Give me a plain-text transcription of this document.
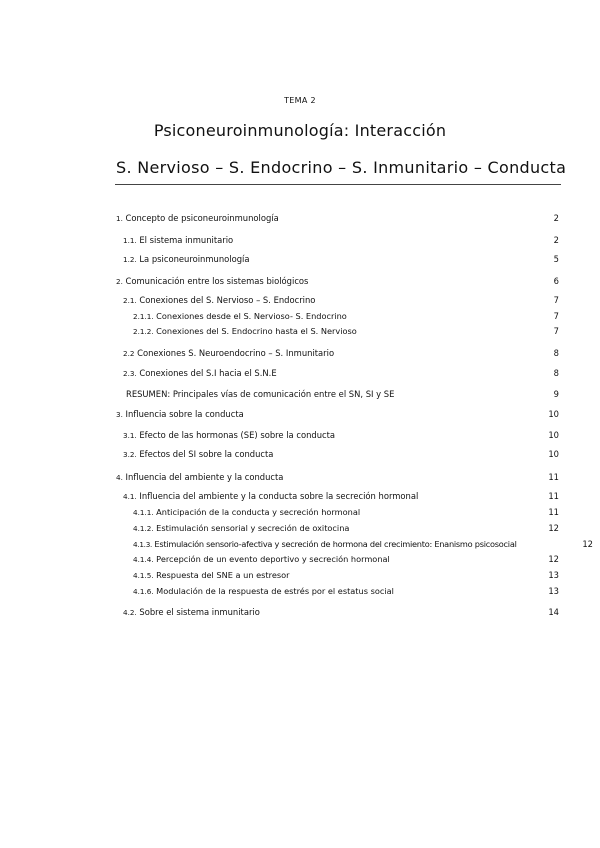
TEMA 2
Psiconeuroinmunología: Interacción
S. Nervioso – S. Endocrino – S. Inmunitario – Conducta
1. Concepto de psiconeuroinmunología	2
1.1. El sistema inmunitario	2
1.2. La psiconeuroinmunología	5
2. Comunicación entre los sistemas biológicos	6
2.1. Conexiones del S. Nervioso – S. Endocrino	7
2.1.1. Conexiones desde el S. Nervioso- S. Endocrino	7
2.1.2. Conexiones del S. Endocrino hasta el S. Nervioso	7
2.2 Conexiones S. Neuroendocrino – S. Inmunitario	8
2.3. Conexiones del S.I hacia el S.N.E	8
RESUMEN: Principales vías de comunicación entre el SN, SI y SE	9
3. Influencia sobre la conducta	10
3.1. Efecto de las hormonas (SE) sobre la conducta	10
3.2. Efectos del SI sobre la conducta	10
4. Influencia del ambiente y la conducta	11
4.1. Influencia del ambiente y la conducta sobre la secreción hormonal	11
4.1.1. Anticipación de la conducta y secreción hormonal	11
4.1.2. Estimulación sensorial y secreción de oxitocina	12
4.1.3. Estimulación sensorio-afectiva y secreción de hormona del crecimiento: Enanismo psicosocial	12
4.1.4. Percepción de un evento deportivo y secreción hormonal	12
4.1.5. Respuesta del SNE a un estresor	13
4.1.6. Modulación de la respuesta de estrés por el estatus social	13
4.2. Sobre el sistema inmunitario	14
